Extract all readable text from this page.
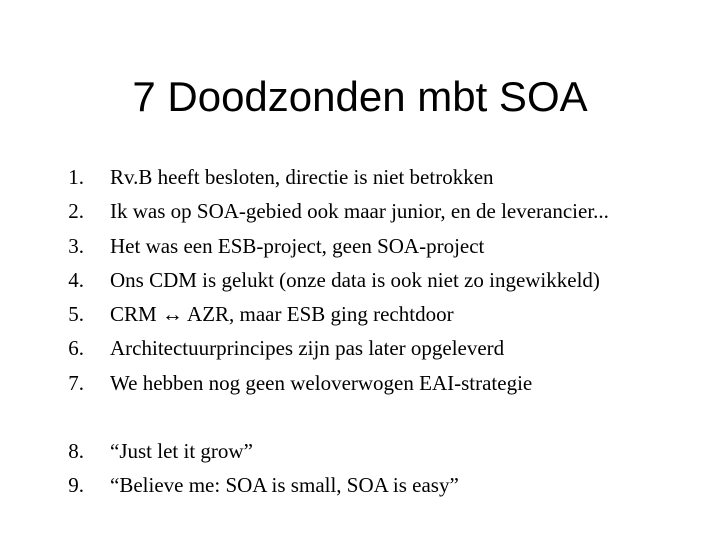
7 Doodzonden mbt SOA
1. Rv.B heeft besloten, directie is niet betrokken
2. Ik was op SOA-gebied ook maar junior, en de leverancier...
3. Het was een ESB-project, geen SOA-project
4. Ons CDM is gelukt (onze data is ook niet zo ingewikkeld)
5. CRM ↔ AZR, maar ESB ging rechtdoor
6. Architectuurprincipes zijn pas later opgeleverd
7. We hebben nog geen weloverwogen EAI-strategie
8. “Just let it grow”
9. “Believe me: SOA is small, SOA is easy”
